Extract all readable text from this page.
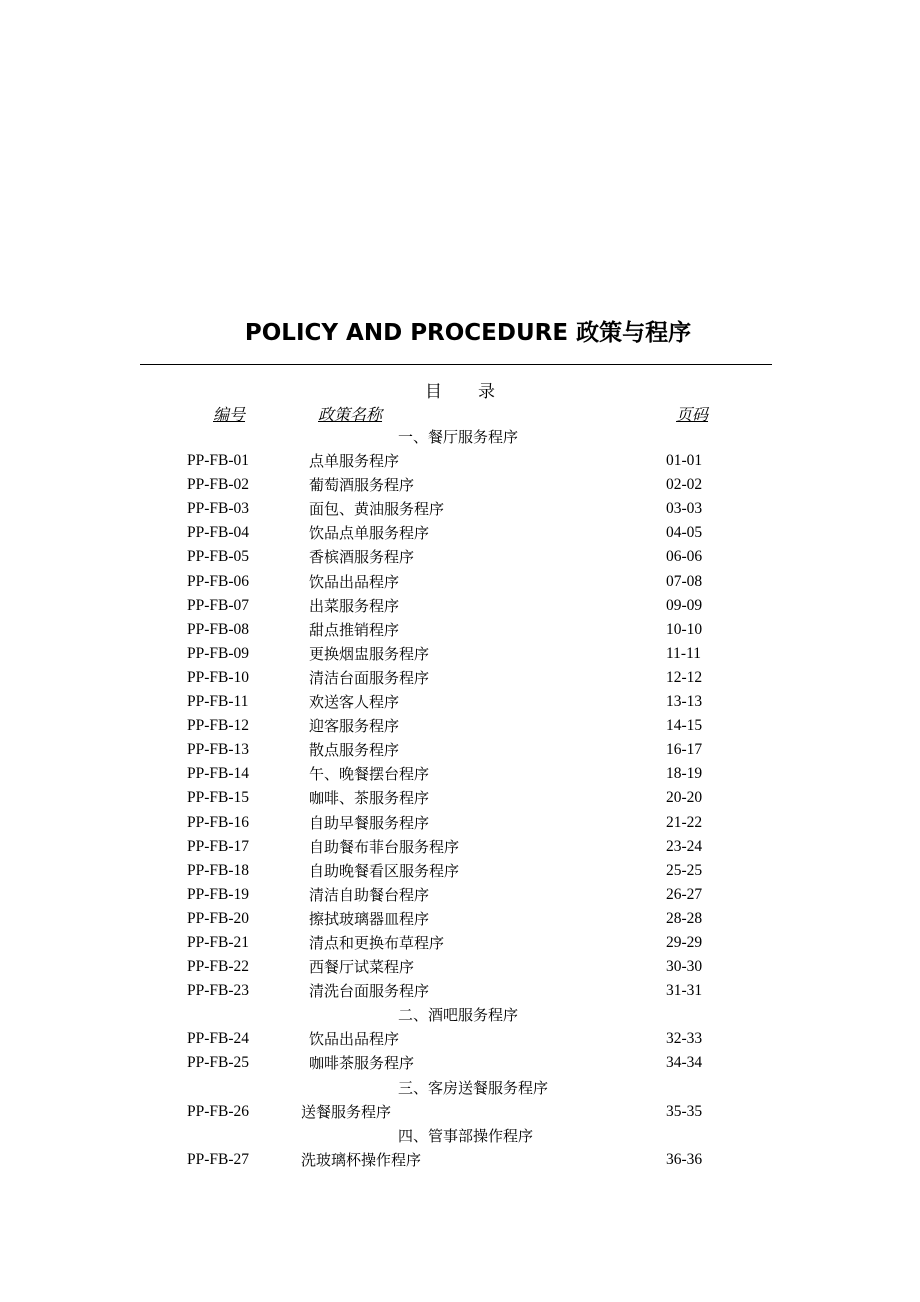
POLICY AND PROCEDURE 政策与程序
目 录
编号	政策名称	页码
一、餐厅服务程序
PP-FB-01	点单服务程序	01-01
PP-FB-02	葡萄酒服务程序	02-02
PP-FB-03	面包、黄油服务程序	03-03
PP-FB-04	饮品点单服务程序	04-05
PP-FB-05	香槟酒服务程序	06-06
PP-FB-06	饮品出品程序	07-08
PP-FB-07	出菜服务程序	09-09
PP-FB-08	甜点推销程序	10-10
PP-FB-09	更换烟盅服务程序	11-11
PP-FB-10	清洁台面服务程序	12-12
PP-FB-11	欢送客人程序	13-13
PP-FB-12	迎客服务程序	14-15
PP-FB-13	散点服务程序	16-17
PP-FB-14	午、晚餐摆台程序	18-19
PP-FB-15	咖啡、茶服务程序	20-20
PP-FB-16	自助早餐服务程序	21-22
PP-FB-17	自助餐布菲台服务程序	23-24
PP-FB-18	自助晚餐看区服务程序	25-25
PP-FB-19	清洁自助餐台程序	26-27
PP-FB-20	擦拭玻璃器皿程序	28-28
PP-FB-21	清点和更换布草程序	29-29
PP-FB-22	西餐厅试菜程序	30-30
PP-FB-23	清洗台面服务程序	31-31
二、酒吧服务程序
PP-FB-24	饮品出品程序	32-33
PP-FB-25	咖啡茶服务程序	34-34
三、客房送餐服务程序
PP-FB-26	送餐服务程序	35-35
四、管事部操作程序
PP-FB-27	洗玻璃杯操作程序	36-36
